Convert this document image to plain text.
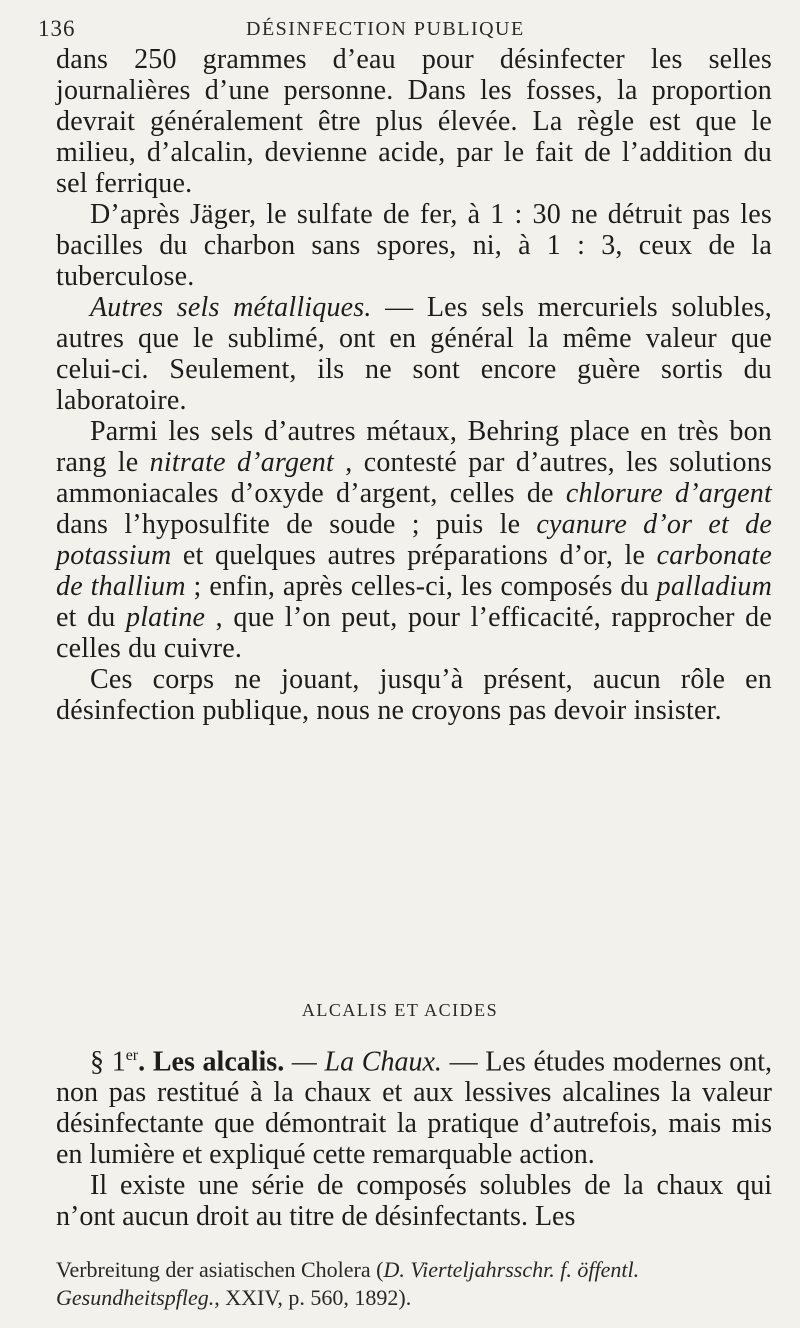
136	DÉSINFECTION PUBLIQUE

dans 250 grammes d’eau pour désinfecter les selles journalières d’une personne. Dans les fosses, la proportion devrait généralement être plus élevée. La règle est que le milieu, d’alcalin, devienne acide, par le fait de l’addition du sel ferrique.

D’après Jäger, le sulfate de fer, à 1 : 30 ne détruit pas les bacilles du charbon sans spores, ni, à 1 : 3, ceux de la tuberculose.

Autres sels métalliques. — Les sels mercuriels solubles, autres que le sublimé, ont en général la même valeur que celui-ci. Seulement, ils ne sont encore guère sortis du laboratoire.

Parmi les sels d’autres métaux, Behring place en très bon rang le nitrate d’argent , contesté par d’autres, les solutions ammoniacales d’oxyde d’argent, celles de chlorure d’argent dans l’hyposulfite de soude ; puis le cyanure d’or et de potassium et quelques autres préparations d’or, le carbonate de thallium ; enfin, après celles-ci, les composés du palladium et du platine , que l’on peut, pour l’efficacité, rapprocher de celles du cuivre.

Ces corps ne jouant, jusqu’à présent, aucun rôle en désinfection publique, nous ne croyons pas devoir insister.

ALCALIS ET ACIDES

§ 1er. Les alcalis. — La Chaux. — Les études modernes ont, non pas restitué à la chaux et aux lessives alcalines la valeur désinfectante que démontrait la pratique d’autrefois, mais mis en lumière et expliqué cette remarquable action.

Il existe une série de composés solubles de la chaux qui n’ont aucun droit au titre de désinfectants. Les

Verbreitung der asiatischen Cholera (D. Vierteljahrsschr. f. öffentl. Gesundheitspfleg., XXIV, p. 560, 1892).
